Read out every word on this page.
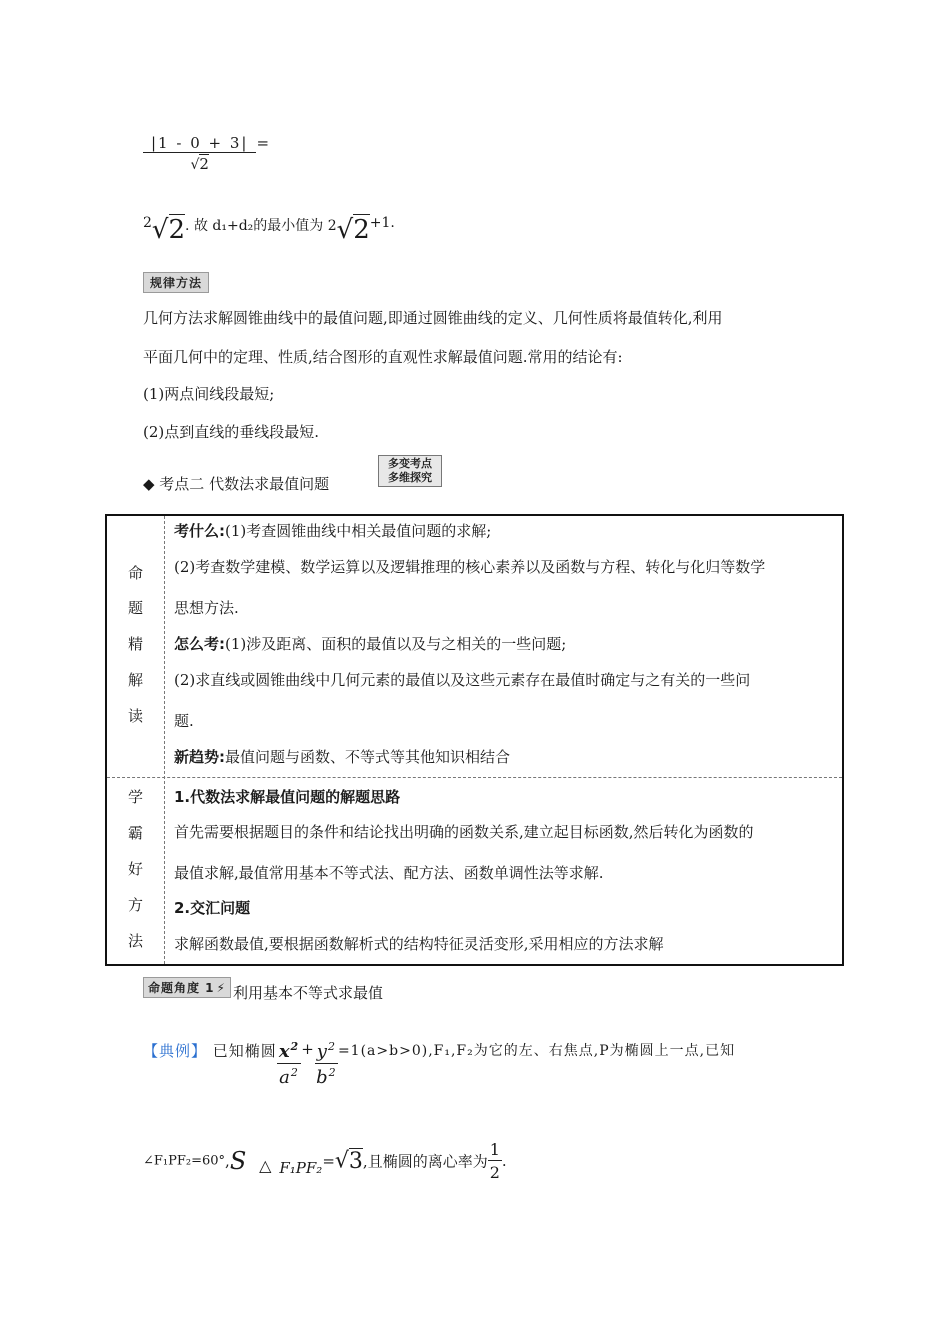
$\frac{|1 - 0 + 3|}{√2}$ =
2√2. 故 d₁+d₂的最小值为 2√2+1.
规律方法
几何方法求解圆锥曲线中的最值问题,即通过圆锥曲线的定义、几何性质将最值转化,利用
平面几何中的定理、性质,结合图形的直观性求解最值问题.常用的结论有:
(1)两点间线段最短;
(2)点到直线的垂线段最短.
◆ 考点二 代数法求最值问题
多变考点
多维探究
命
题
精
解
读
学
霸
好
方
法
考什么:(1)考查圆锥曲线中相关最值问题的求解;
(2)考查数学建模、数学运算以及逻辑推理的核心素养以及函数与方程、转化与化归等数学
思想方法.
怎么考:(1)涉及距离、面积的最值以及与之相关的一些问题;
(2)求直线或圆锥曲线中几何元素的最值以及这些元素存在最值时确定与之有关的一些问
题.
新趋势:最值问题与函数、不等式等其他知识相结合
1.代数法求解最值问题的解题思路
首先需要根据题目的条件和结论找出明确的函数关系,建立起目标函数,然后转化为函数的
最值求解,最值常用基本不等式法、配方法、函数单调性法等求解.
2.交汇问题
求解函数最值,要根据函数解析式的结构特征灵活变形,采用相应的方法求解
命题角度 1 ⚡ 利用基本不等式求最值
【典例】 已知椭圆 $\frac{x^2}{a^2} + \frac{y^2}{b^2} =1(a>b>0),F_1,F_2$为它的左、右焦点,P为椭圆上一点,已知
∠F₁PF₂=60°,S △ F₁PF₂=√3,且椭圆的离心率为 $\frac{1}{2}$ .
